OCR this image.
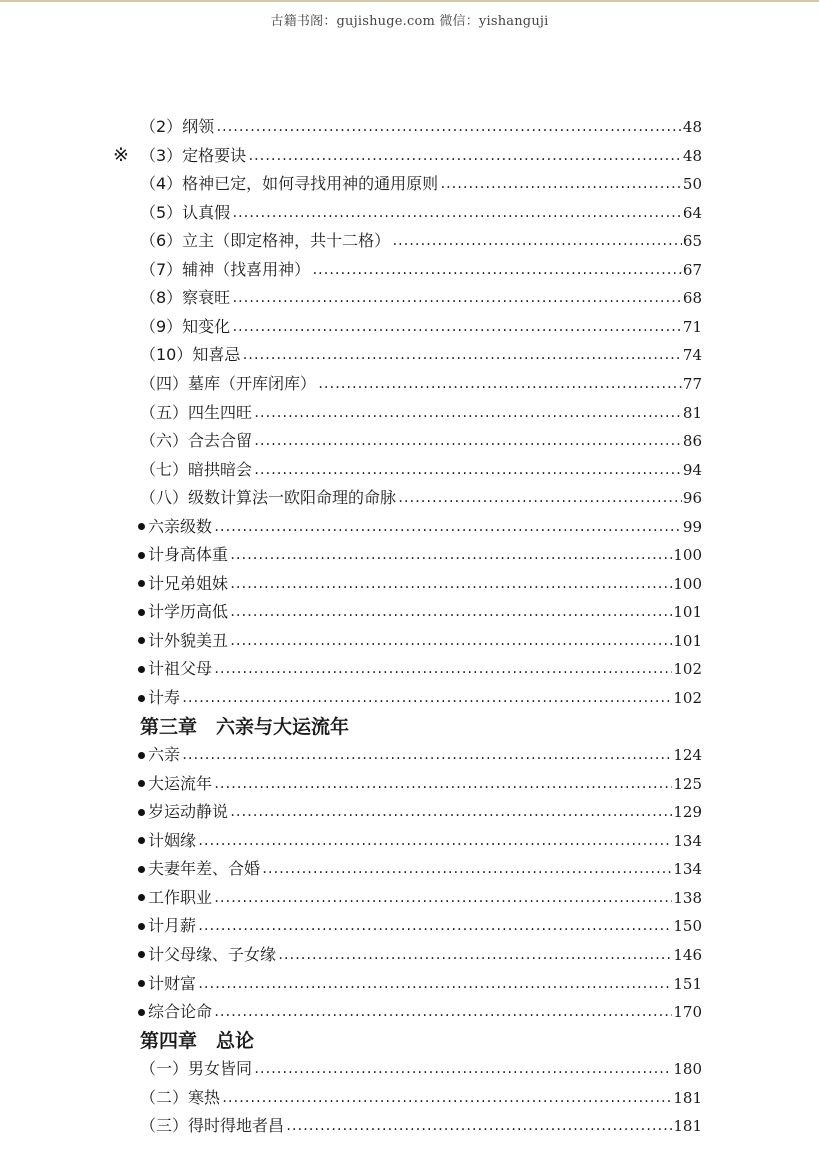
古籍书阁：gujishuge.com 微信：yishanguji
（2）纲领 .....	48
※ （3）定格要诀 .....	48
（4）格神已定，如何寻找用神的通用原则 .....	50
（5）认真假 .....	64
（6）立主（即定格神，共十二格） .....	65
（7）辅神（找喜用神） .....	67
（8）察衰旺 .....	68
（9）知变化 .....	71
（10）知喜忌 .....	74
（四）墓库（开库闭库） .....	77
（五）四生四旺 .....	81
（六）合去合留 .....	86
（七）暗拱暗会 .....	94
（八）级数计算法一欧阳命理的命脉 .....	96
六亲级数 .....	99
计身高体重 .....	100
计兄弟姐妹 .....	100
计学历高低 .....	101
计外貌美丑 .....	101
计祖父母 .....	102
计寿 .....	102
第三章　六亲与大运流年
六亲 .....	124
大运流年 .....	125
岁运动静说 .....	129
计姻缘 .....	134
夫妻年差、合婚 .....	134
工作职业 .....	138
计月薪 .....	150
计父母缘、子女缘 .....	146
计财富 .....	151
综合论命 .....	170
第四章　总论
（一）男女皆同 .....	180
（二）寒热 .....	181
（三）得时得地者昌 .....	181
